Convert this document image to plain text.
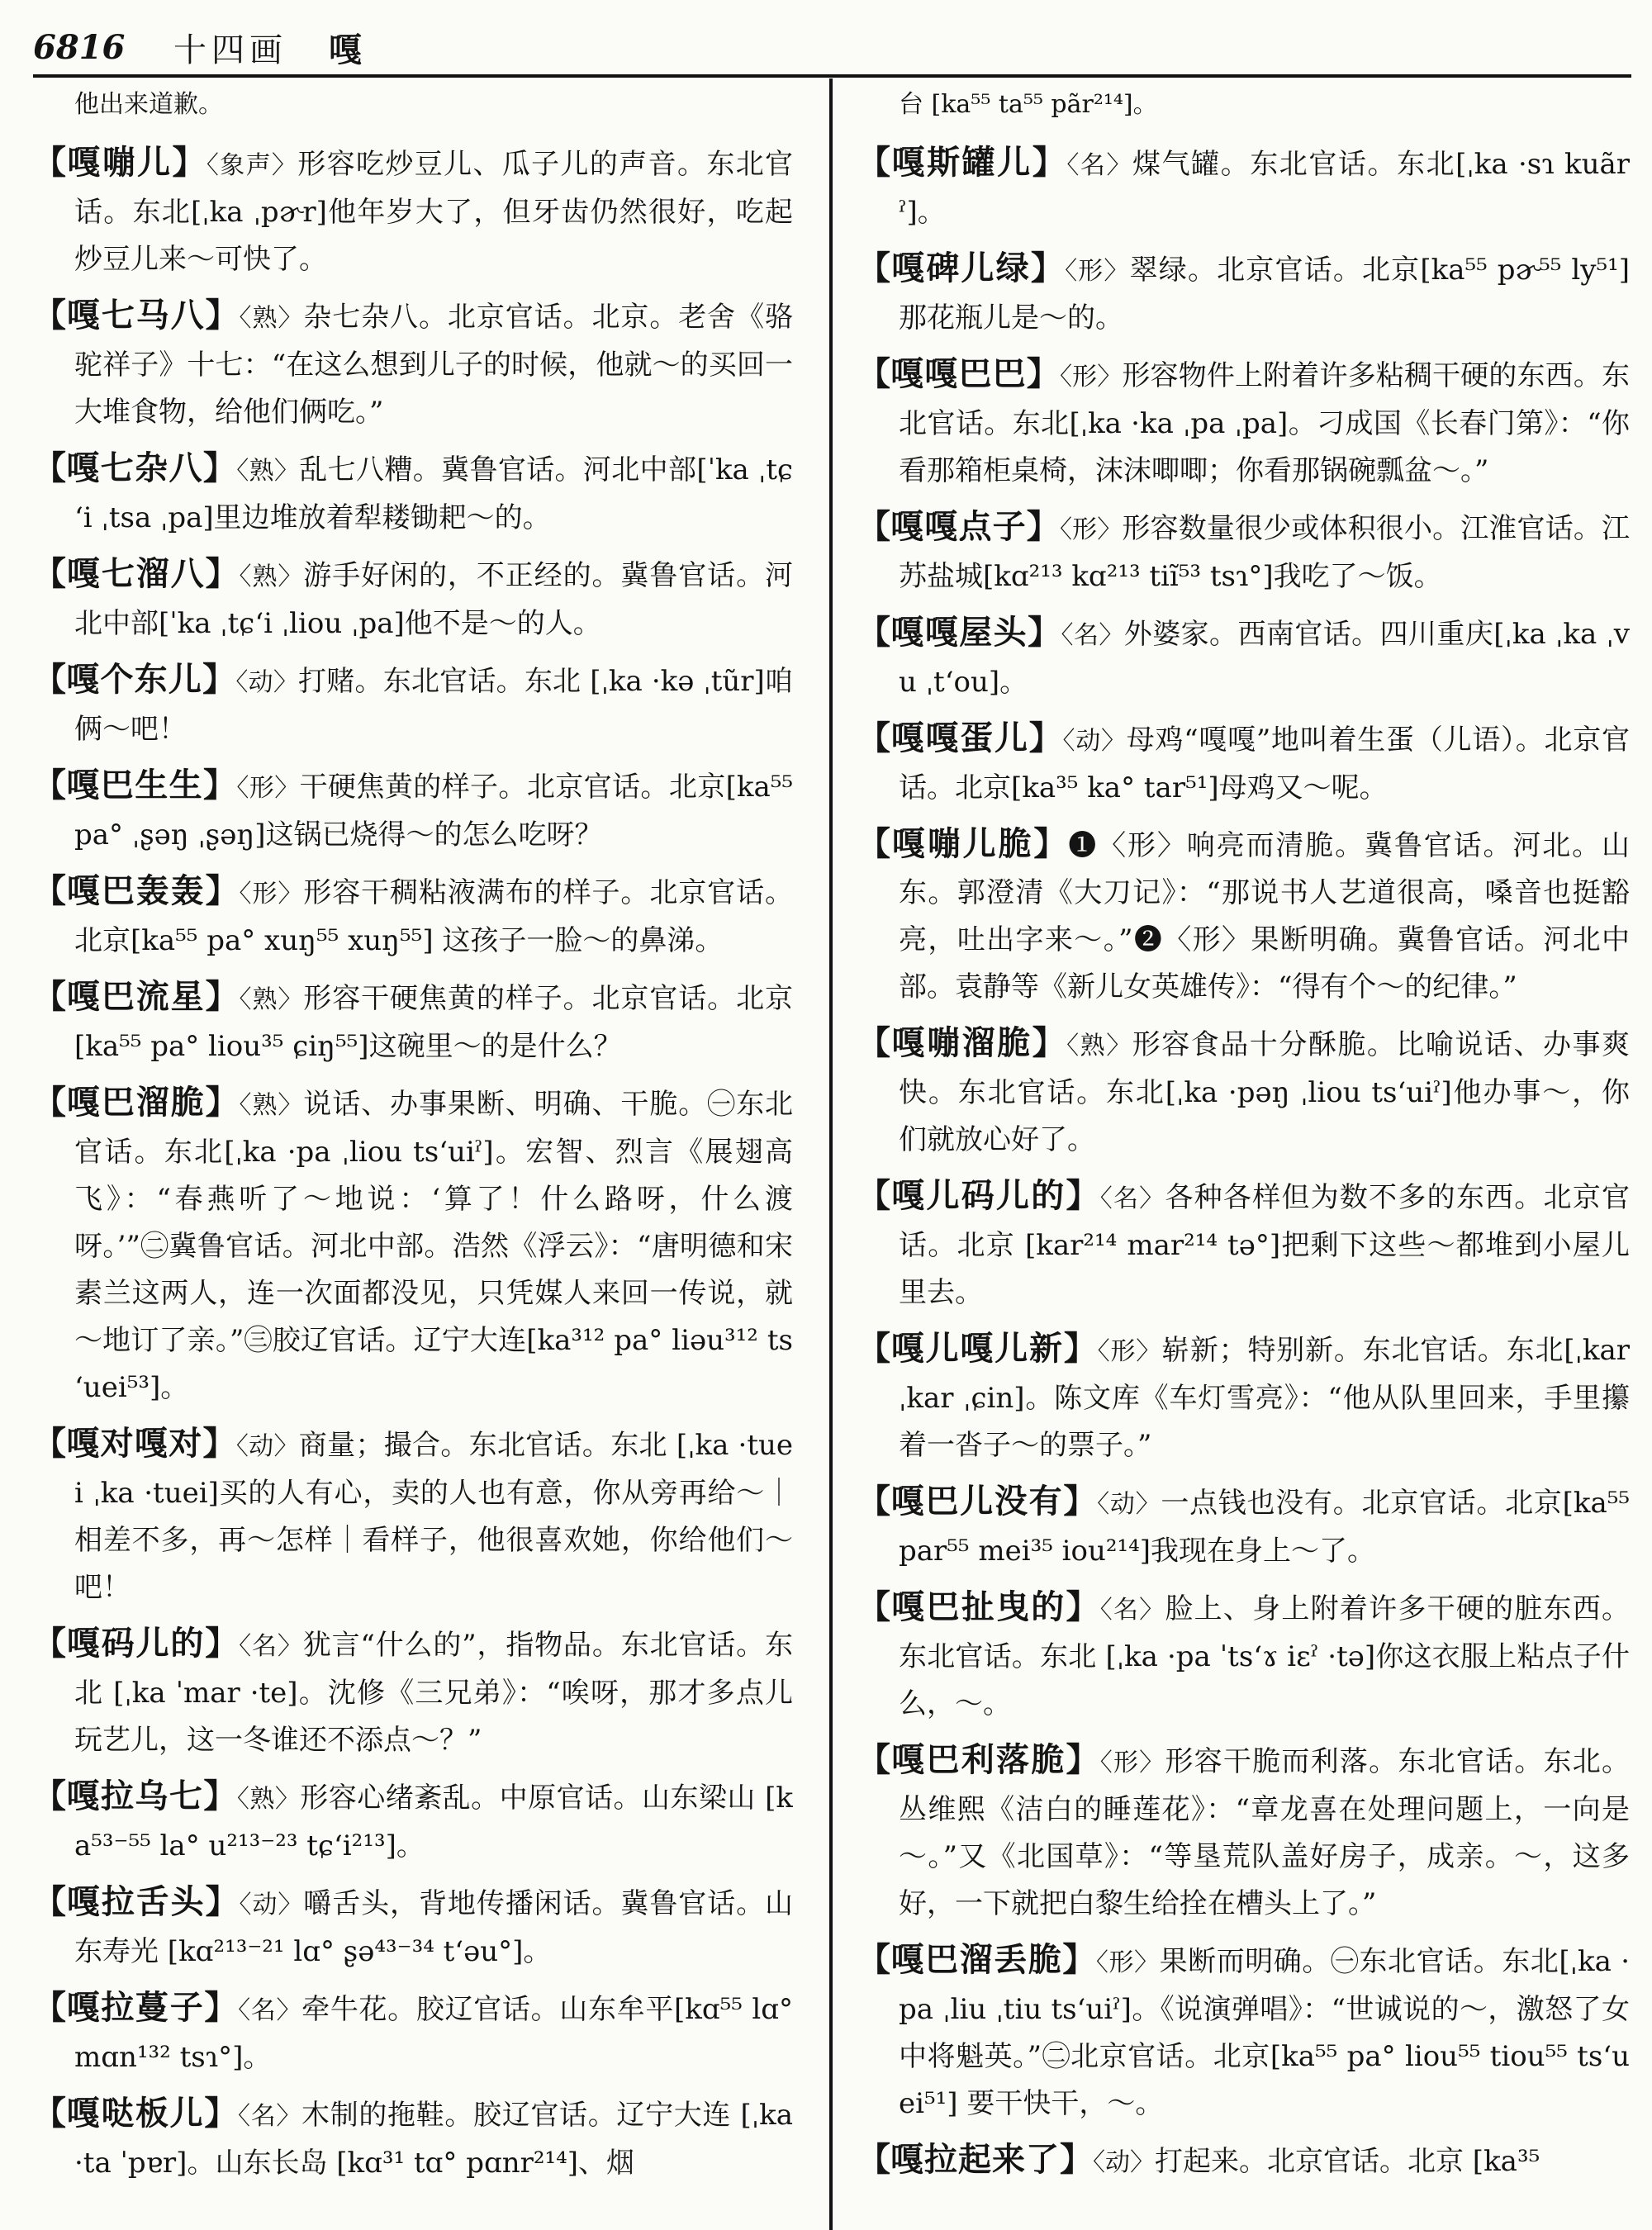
6816	十四画 嘎

他出来道歉。

【嘎嘣儿】〈象声〉形容吃炒豆儿、瓜子儿的声音。东北官话。东北[ˌka ˌpɚr]他年岁大了，但牙齿仍然很好，吃起炒豆儿来～可快了。

【嘎七马八】〈熟〉杂七杂八。北京官话。北京。老舍《骆驼祥子》十七：“在这么想到儿子的时候，他就～的买回一大堆食物，给他们俩吃。”

【嘎七杂八】〈熟〉乱七八糟。冀鲁官话。河北中部[ˈka ˌtɕʻi ˌtsa ˌpa]里边堆放着犁耧锄耙～的。

【嘎七溜八】〈熟〉游手好闲的，不正经的。冀鲁官话。河北中部[ˈka ˌtɕʻi ˌliou ˌpa]他不是～的人。

【嘎个东儿】〈动〉打赌。东北官话。东北 [ˌka ·kə ˌtũr]咱俩～吧！

【嘎巴生生】〈形〉干硬焦黄的样子。北京官话。北京[ka⁵⁵ pa° ˌʂəŋ ˌʂəŋ]这锅已烧得～的怎么吃呀？

【嘎巴轰轰】〈形〉形容干稠粘液满布的样子。北京官话。北京[ka⁵⁵ pa° xuŋ⁵⁵ xuŋ⁵⁵] 这孩子一脸～的鼻涕。

【嘎巴流星】〈熟〉形容干硬焦黄的样子。北京官话。北京[ka⁵⁵ pa° liou³⁵ ɕiŋ⁵⁵]这碗里～的是什么？

【嘎巴溜脆】〈熟〉说话、办事果断、明确、干脆。㊀东北官话。东北[ˌka ·pa ˌliou tsʻuiˀ]。宏智、烈言《展翅高飞》：“春燕听了～地说：‘算了！什么路呀，什么渡呀。’”㊁冀鲁官话。河北中部。浩然《浮云》：“唐明德和宋素兰这两人，连一次面都没见，只凭媒人来回一传说，就～地订了亲。”㊂胶辽官话。辽宁大连[ka³¹² pa° liəu³¹² tsʻuei⁵³]。

【嘎对嘎对】〈动〉商量；撮合。东北官话。东北 [ˌka ·tuei ˌka ·tuei]买的人有心，卖的人也有意，你从旁再给～｜相差不多，再～怎样｜看样子，他很喜欢她，你给他们～吧！

【嘎码儿的】〈名〉犹言“什么的”，指物品。东北官话。东北 [ˌka ˈmar ·te]。沈修《三兄弟》：“唉呀，那才多点儿玩艺儿，这一冬谁还不添点～？”

【嘎拉乌七】〈熟〉形容心绪紊乱。中原官话。山东梁山 [ka⁵³⁻⁵⁵ la° u²¹³⁻²³ tɕʻi²¹³]。

【嘎拉舌头】〈动〉嚼舌头，背地传播闲话。冀鲁官话。山东寿光 [kɑ²¹³⁻²¹ lɑ° ʂə⁴³⁻³⁴ tʻəu°]。

【嘎拉蔓子】〈名〉牵牛花。胶辽官话。山东牟平[kɑ⁵⁵ lɑ° mɑn¹³² tsɿ°]。

【嘎哒板儿】〈名〉木制的拖鞋。胶辽官话。辽宁大连 [ˌka ·ta ˈpɐr]。山东长岛 [kɑ³¹ tɑ° pɑnr²¹⁴]、烟

台 [ka⁵⁵ ta⁵⁵ pãr²¹⁴]。

【嘎斯罐儿】〈名〉煤气罐。东北官话。东北[ˌka ·sɿ kuãrˀ]。

【嘎碑儿绿】〈形〉翠绿。北京官话。北京[ka⁵⁵ pɚ⁵⁵ ly⁵¹]那花瓶儿是～的。

【嘎嘎巴巴】〈形〉形容物件上附着许多粘稠干硬的东西。东北官话。东北[ˌka ·ka ˌpa ˌpa]。刁成国《长春门第》：“你看那箱柜桌椅，沫沫唧唧；你看那锅碗瓢盆～。”

【嘎嘎点子】〈形〉形容数量很少或体积很小。江淮官话。江苏盐城[kɑ²¹³ kɑ²¹³ tiĩ⁵³ tsɿ°]我吃了～饭。

【嘎嘎屋头】〈名〉外婆家。西南官话。四川重庆[ˌka ˌka ˌvu ˌtʻou]。

【嘎嘎蛋儿】〈动〉母鸡“嘎嘎”地叫着生蛋（儿语）。北京官话。北京[ka³⁵ ka° tar⁵¹]母鸡又～呢。

【嘎嘣儿脆】❶〈形〉响亮而清脆。冀鲁官话。河北。山东。郭澄清《大刀记》：“那说书人艺道很高，嗓音也挺豁亮，吐出字来～。”❷〈形〉果断明确。冀鲁官话。河北中部。袁静等《新儿女英雄传》：“得有个～的纪律。”

【嘎嘣溜脆】〈熟〉形容食品十分酥脆。比喻说话、办事爽快。东北官话。东北[ˌka ·pəŋ ˌliou tsʻuiˀ]他办事～，你们就放心好了。

【嘎儿码儿的】〈名〉各种各样但为数不多的东西。北京官话。北京 [kar²¹⁴ mar²¹⁴ tə°]把剩下这些～都堆到小屋儿里去。

【嘎儿嘎儿新】〈形〉崭新；特别新。东北官话。东北[ˌkar ˌkar ˌɕin]。陈文库《车灯雪亮》：“他从队里回来，手里攥着一沓子～的票子。”

【嘎巴儿没有】〈动〉一点钱也没有。北京官话。北京[ka⁵⁵ par⁵⁵ mei³⁵ iou²¹⁴]我现在身上～了。

【嘎巴扯曳的】〈名〉脸上、身上附着许多干硬的脏东西。东北官话。东北 [ˌka ·pa ˈtsʻɤ iɛˀ ·tə]你这衣服上粘点子什么，～。

【嘎巴利落脆】〈形〉形容干脆而利落。东北官话。东北。丛维熙《洁白的睡莲花》：“章龙喜在处理问题上，一向是～。”又《北国草》：“等垦荒队盖好房子，成亲。～，这多好，一下就把白黎生给拴在槽头上了。”

【嘎巴溜丢脆】〈形〉果断而明确。㊀东北官话。东北[ˌka ·pa ˌliu ˌtiu tsʻuiˀ]。《说演弹唱》：“世诚说的～，激怒了女中将魁英。”㊁北京官话。北京[ka⁵⁵ pa° liou⁵⁵ tiou⁵⁵ tsʻuei⁵¹] 要干快干，～。

【嘎拉起来了】〈动〉打起来。北京官话。北京 [ka³⁵
